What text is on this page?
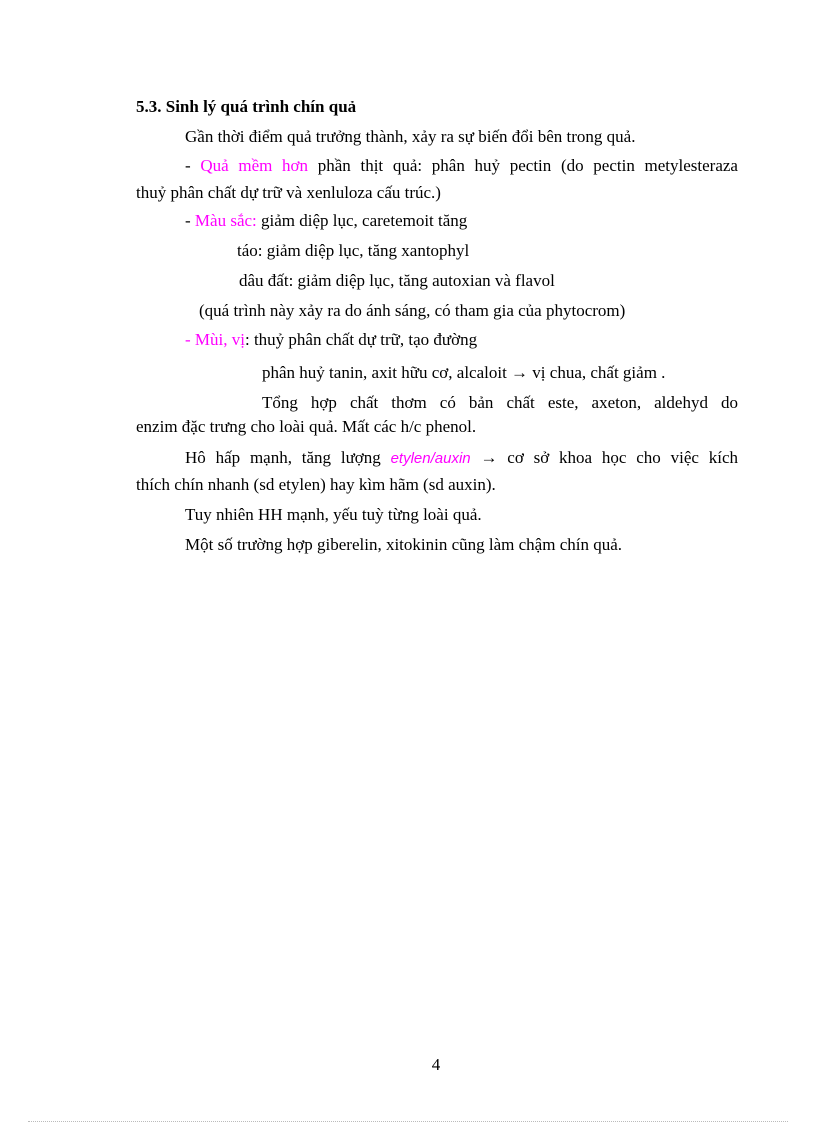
5.3. Sinh lý quá trình chín quả
Gần thời điểm quả trưởng thành, xảy ra sự biến đổi bên trong quả.
- Quả mềm hơn phần thịt quả: phân huỷ pectin (do pectin metylesteraza
thuỷ phân chất dự trữ và xenluloza cấu trúc.)
- Màu sắc: giảm diệp lục, caretemoit tăng
táo: giảm diệp lục, tăng xantophyl
dâu đất: giảm diệp lục, tăng autoxian và flavol
(quá trình này xảy ra do ánh sáng, có tham gia của phytocrom)
- Mùi, vị: thuỷ phân chất dự trữ, tạo đường
phân huỷ tanin, axit hữu cơ, alcaloit → vị chua, chất giảm .
Tổng hợp chất thơm có bản chất este, axeton, aldehyd do
enzim đặc trưng cho loài quả. Mất các h/c phenol.
Hô hấp mạnh, tăng lượng etylen/auxin → cơ sở khoa học cho việc kích
thích chín nhanh (sd etylen) hay kìm hãm (sd auxin).
Tuy nhiên HH mạnh, yếu tuỳ từng loài quả.
Một số trường hợp giberelin, xitokinin cũng làm chậm chín quả.
4
